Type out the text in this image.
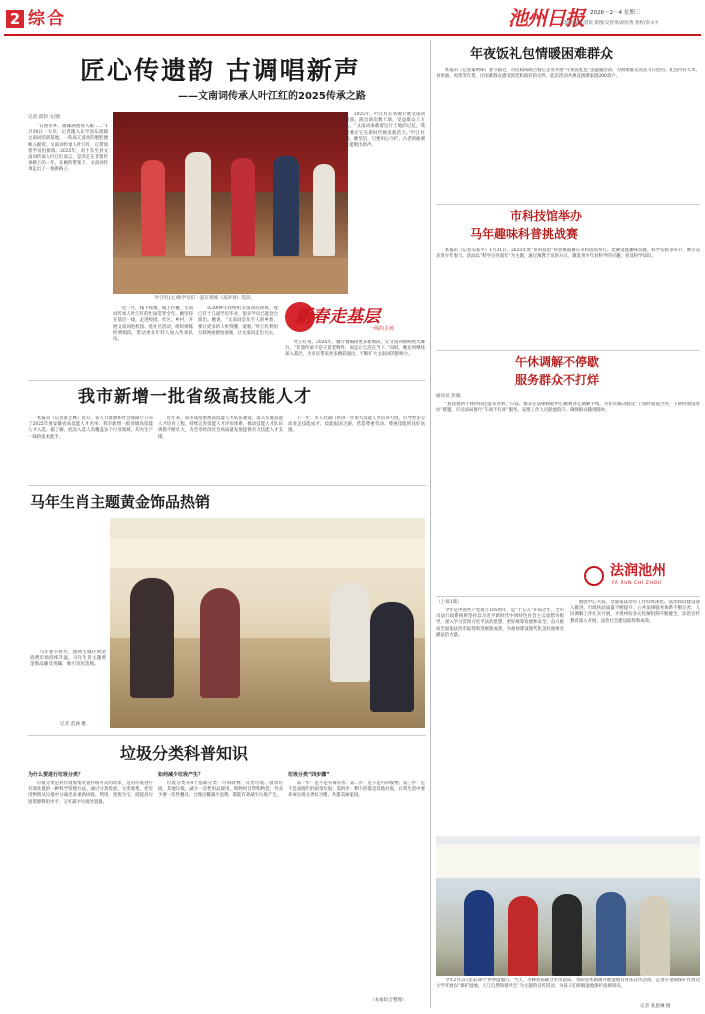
2 综合	池州日报 2026－2－4 星期三
本版责编/伍晨晨 制图/吴智勇/胡佰秀 督校/余永平
匠心传遗韵 古调唱新声
——文南词传承人叶江红的2025传承之路
记者 邱勃 文/图

“日照水乡，画廊满池春入眼……”1月30日一大早，记者踏入东至县东流镇文南词培训基地，一阵高亢清亮的唱腔便映入眼帘。文南词传承人叶江红，正带领着学员们排练。2025年，对于东至县文南词传承人叶江红而言，是奔走在非遗传承路上的一年。在她的带领下，文南词传承走出了一条新路子。

叶江红(左)和学员们一起在排练《戏补春》选段。

这一年，线下授课，线上传播，文南词传承人叶江红的忙碌贯穿全年。她坚持在基层一线，走进校园、社区、乡村，开展文南词进校园、进社区活动，组织排练经典唱段，带动更多年轻人加入传承队伍。

从2009年我组织文南词培训班，现已有十几届学员毕业，很多学员已能登台演出。她说，“文南词是东至人的乡愁，要让更多的人听得懂、爱唱。”叶江红利用互联网拍摄短视频，让文南词走出大山。

2025年，叶江红在各地开展文南词展演，演出场次数十场，受益群众上万人。“文南词承载着这片土地的记忆，我们要让它在新时代焕发新活力。”叶江红说。她坚信，只要用心守护，古老的曲调定能唱出新声。

新春走基层
一线的主场

叶江红说，2026年，她计划编排更多新唱段，让文南词唱响更大舞台。“非遗传承不是守着老物件，而是让它活在当下。”同时，她还将继续深入基层，为市民带来更多精彩演出，不断扩大文南词的影响力。

我市新增一批省级高技能人才

本报讯（记者张艺畅）近日，省人力资源和社会保障厅公布了2025年度安徽省高技能人才名单，我市新增一批省级高技能人才入选。据了解，此次入选人员覆盖多个行业领域，均为生产一线的技术能手。

近年来，我市高度重视高技能人才队伍建设，深入实施技能人才培育工程，持续完善技能人才评价体系，推动技能人才队伍规模不断壮大，为全市经济社会高质量发展提供有力技能人才支撑。

下一步，市人社部门将进一步加大技能人才培养力度，引导更多劳动者走技能成才、技能报国之路，营造尊重劳动、尊重技能的良好氛围。

马年生肖主题黄金饰品热销

马年春节将至，池州主城区黄金消费市场持续升温。马年生肖主题黄金饰品颇受青睐，吸引市民选购。

记者 范涵 摄
垃圾分类科普知识
为什么要进行垃圾分类？

垃圾分类是对垃圾收集处置传统方式的改革，是对垃圾进行有效处置的一种科学管理方法。通过分类投放、分类收集，把有用物资从垃圾中分离出来重新回收、利用，变废为宝，既提高垃圾资源利用水平，又可减少垃圾处置量。

如何减少垃圾产生？

垃圾分类有4个基础分类：可回收物、有害垃圾、厨余垃圾、其他垃圾。减少一次性用品使用，购物时自带购物袋，外卖少要一次性餐具，合理点餐减少浪费，都能有效减少垃圾产生。

垃圾分类“四步骤”

第一步：是不是有毒有害；第二步：是不是可回收物；第三步：是不是易腐烂的厨余垃圾；第四步：剩下的都是其他垃圾。日常生活中要养成垃圾分类好习惯，共建美丽家园。

（本报综合整理）
年夜饭礼包情暖困难群众

本报讯（记者秦明珠）春节临近，市民政局联合爱心企业开展“年夜饭礼包”送温暖活动，为困难群众送去节日慰问。礼包内有大米、食用油、肉类等年货，让困难群众感受到党和政府的关怀。此次活动共惠及困难家庭200余户。

市科技馆举办
马年趣味科普挑战赛

本报讯（记者吴家平）1月31日，2025年度“市科技馆”科普挑战赛在市科技馆举行。比赛设置趣味答题、科学实验等环节，吸引众多青少年参与。活动以“科学点亮童年”为主题，通过寓教于乐的方式，激发青少年对科学的兴趣，普及科学知识。

午休调解不停歇
服务群众不打烊
通讯员 彭晓

“真没想到午休时间还能来办事。”日前，群众在法律援助中心顺利办完调解手续。为切实解决群众“上班时间没空办，下班时间没处办”难题，市司法局推行“午间不打烊”服务，安排工作人员轮流值守，确保群众随到随办。

法润池州
FA RUN CHI ZHOU
（上接1版）

今年是中国共产党成立105周年，是“十五五”开局之年，全市司法行政系统将坚持以习近平新时代中国特色社会主义思想为指导，深入学习贯彻习近平法治思想，更好统筹发展和安全，奋力推动全面依法治市取得新进展新成效，为加快建设现代化美好池州贡献法治力量。

围绕中心大局，全面依法治市工作持续深化。法治政府建设深入推进，行政执法质量不断提升，公共法律服务体系不断完善，人民调解工作扎实开展，矛盾纠纷多元化解机制不断健全，法治宣传教育深入开展，法治社会建设取得新成效。

今年2月2日是第30个世界湿地日。当天，市林业局联合市司法局、青阳县木镇镇开展湿地日普法宣传活动，走进升金湖保护区周边小学开展以“保护湿地，人与自然和谐共生”为主题的宣传活动，为孩子们讲解湿地保护法律知识。

记者 张思琳 摄
